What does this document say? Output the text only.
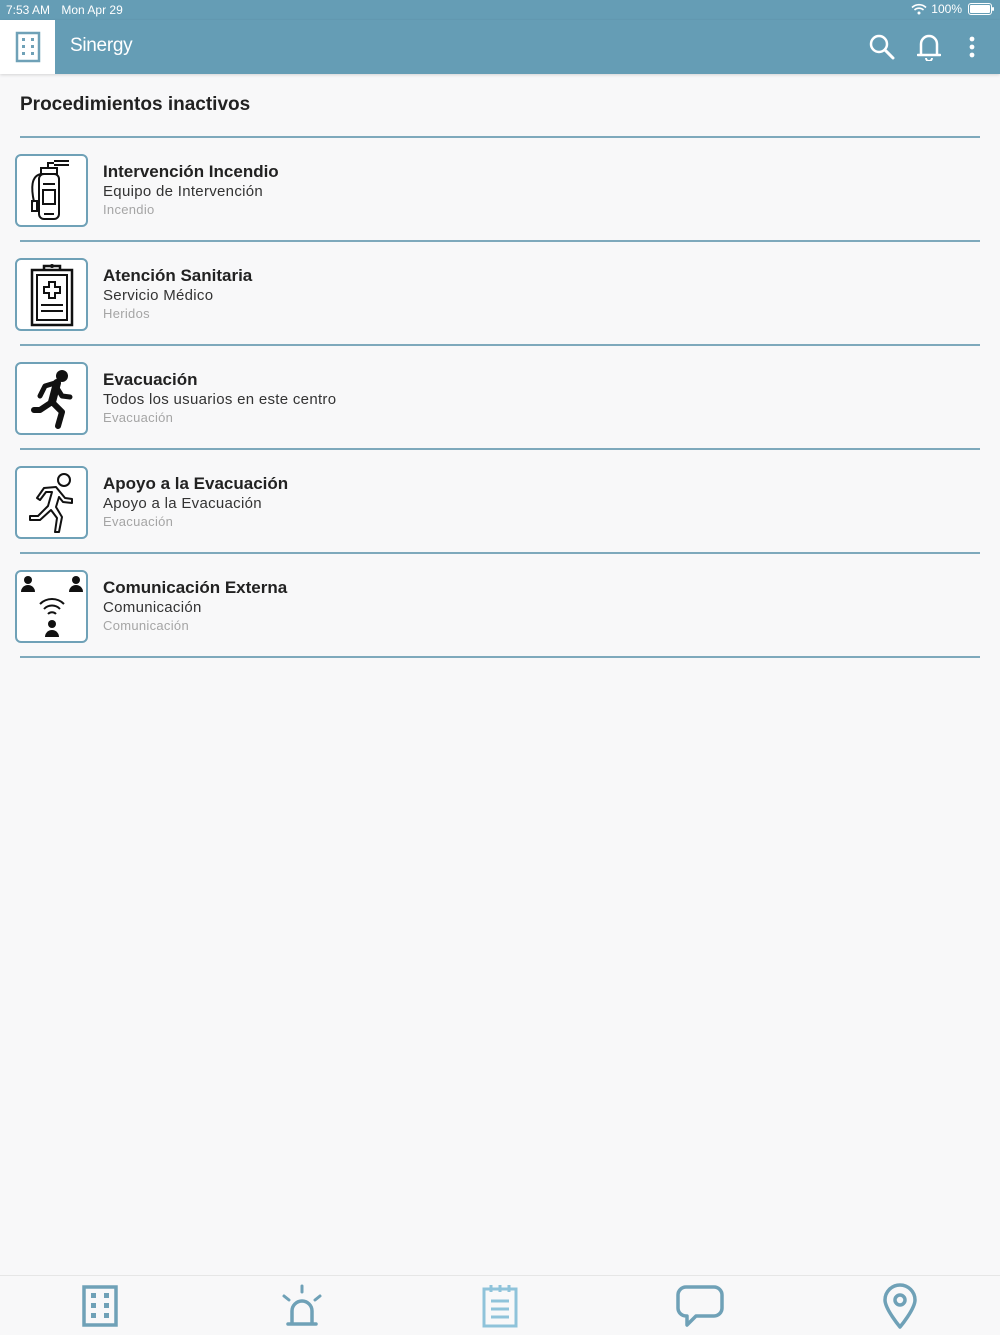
7:53 AM Mon Apr 29	100%
Sinergy
Procedimientos inactivos
Intervención Incendio
Equipo de Intervención
Incendio
Atención Sanitaria
Servicio Médico
Heridos
Evacuación
Todos los usuarios en este centro
Evacuación
Apoyo a la Evacuación
Apoyo a la Evacuación
Evacuación
Comunicación Externa
Comunicación
Comunicación
